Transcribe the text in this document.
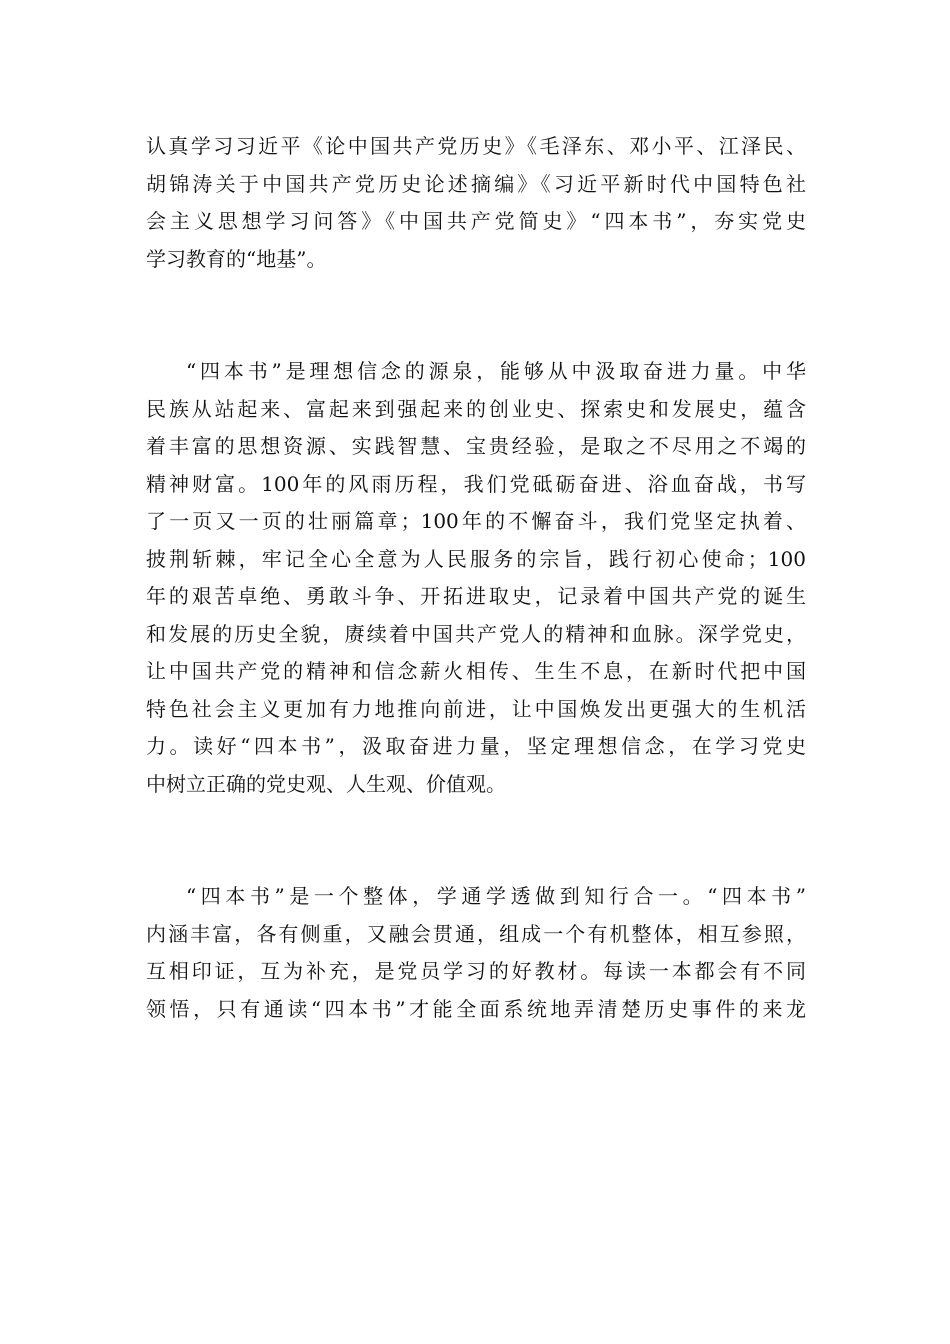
认真学习习近平《论中国共产党历史》《毛泽东、邓小平、江泽民、
胡锦涛关于中国共产党历史论述摘编》《习近平新时代中国特色社
会主义思想学习问答》《中国共产党简史》“四本书”，夯实党史
学习教育的“地基”。

“四本书”是理想信念的源泉，能够从中汲取奋进力量。中华
民族从站起来、富起来到强起来的创业史、探索史和发展史，蕴含
着丰富的思想资源、实践智慧、宝贵经验，是取之不尽用之不竭的
精神财富。100年的风雨历程，我们党砥砺奋进、浴血奋战，书写
了一页又一页的壮丽篇章；100年的不懈奋斗，我们党坚定执着、
披荆斩棘，牢记全心全意为人民服务的宗旨，践行初心使命；100
年的艰苦卓绝、勇敢斗争、开拓进取史，记录着中国共产党的诞生
和发展的历史全貌，赓续着中国共产党人的精神和血脉。深学党史，
让中国共产党的精神和信念薪火相传、生生不息，在新时代把中国
特色社会主义更加有力地推向前进，让中国焕发出更强大的生机活
力。读好“四本书”，汲取奋进力量，坚定理想信念，在学习党史
中树立正确的党史观、人生观、价值观。

“四本书”是一个整体，学通学透做到知行合一。“四本书”
内涵丰富，各有侧重，又融会贯通，组成一个有机整体，相互参照，
互相印证，互为补充，是党员学习的好教材。每读一本都会有不同
领悟，只有通读“四本书”才能全面系统地弄清楚历史事件的来龙
